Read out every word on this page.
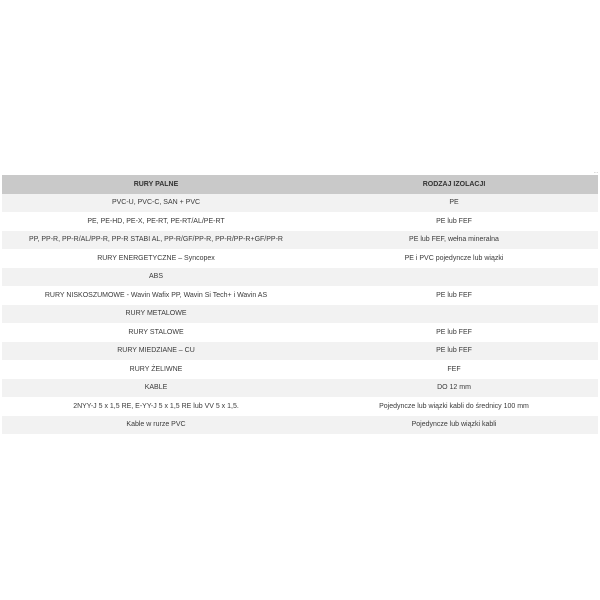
...
RURY PALNE	RODZAJ IZOLACJI
PVC-U, PVC-C, SAN + PVC	PE
PE, PE-HD, PE-X, PE-RT, PE-RT/AL/PE-RT	PE lub FEF
PP, PP-R, PP-R/AL/PP-R, PP-R STABI AL, PP-R/GF/PP-R, PP-R/PP-R+GF/PP-R	PE lub FEF, wełna mineralna
RURY ENERGETYCZNE – Syncopex	PE i PVC pojedyncze lub wiązki
ABS	
RURY NISKOSZUMOWE - Wavin Wafix PP, Wavin Si Tech+ i Wavin AS	PE lub FEF
RURY METALOWE	
RURY STALOWE	PE lub FEF
RURY MIEDZIANE – CU	PE lub FEF
RURY ŻELIWNE	FEF
KABLE	DO 12 mm
2NYY-J 5 x 1,5 RE, E-YY-J 5 x 1,5 RE lub VV 5 x 1,5.	Pojedyncze lub wiązki kabli do średnicy 100 mm
Kable w rurze PVC	Pojedyncze lub wiązki kabli
